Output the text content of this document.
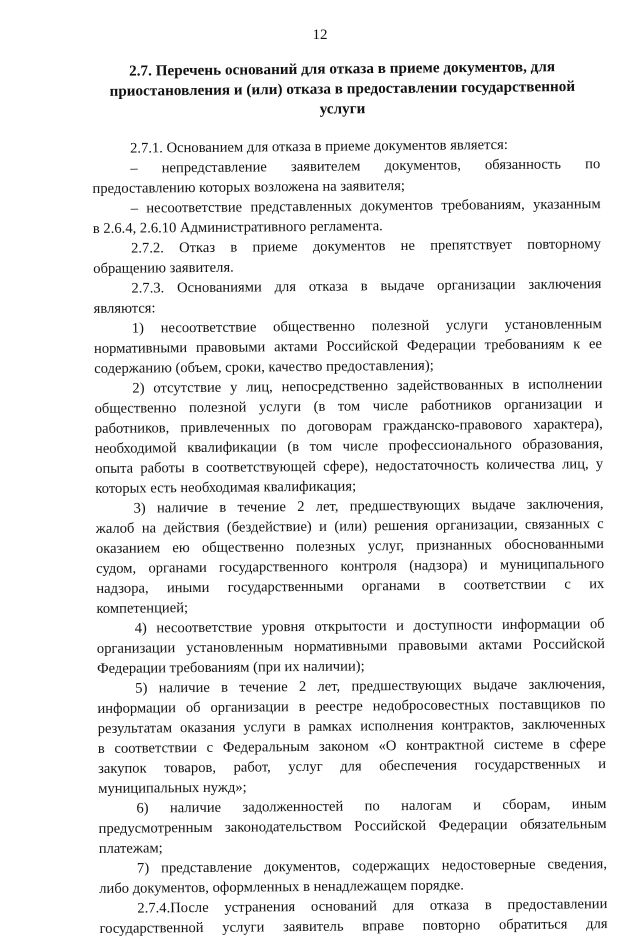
12
2.7. Перечень оснований для отказа в приеме документов, для
приостановления и (или) отказа в предоставлении государственной
услуги
2.7.1. Основанием для отказа в приеме документов является:
– непредставление заявителем документов, обязанность по
предоставлению которых возложена на заявителя;
– несоответствие представленных документов требованиям, указанным
в 2.6.4, 2.6.10 Административного регламента.
2.7.2. Отказ в приеме документов не препятствует повторному
обращению заявителя.
2.7.3. Основаниями для отказа в выдаче организации заключения
являются:
1) несоответствие общественно полезной услуги установленным
нормативными правовыми актами Российской Федерации требованиям к ее
содержанию (объем, сроки, качество предоставления);
2) отсутствие у лиц, непосредственно задействованных в исполнении
общественно полезной услуги (в том числе работников организации и
работников, привлеченных по договорам гражданско-правового характера),
необходимой квалификации (в том числе профессионального образования,
опыта работы в соответствующей сфере), недостаточность количества лиц, у
которых есть необходимая квалификация;
3) наличие в течение 2 лет, предшествующих выдаче заключения,
жалоб на действия (бездействие) и (или) решения организации, связанных с
оказанием ею общественно полезных услуг, признанных обоснованными
судом, органами государственного контроля (надзора) и муниципального
надзора, иными государственными органами в соответствии с их
компетенцией;
4) несоответствие уровня открытости и доступности информации об
организации установленным нормативными правовыми актами Российской
Федерации требованиям (при их наличии);
5) наличие в течение 2 лет, предшествующих выдаче заключения,
информации об организации в реестре недобросовестных поставщиков по
результатам оказания услуги в рамках исполнения контрактов, заключенных
в соответствии с Федеральным законом «О контрактной системе в сфере
закупок товаров, работ, услуг для обеспечения государственных и
муниципальных нужд»;
6) наличие задолженностей по налогам и сборам, иным
предусмотренным законодательством Российской Федерации обязательным
платежам;
7) представление документов, содержащих недостоверные сведения,
либо документов, оформленных в ненадлежащем порядке.
2.7.4.После устранения оснований для отказа в предоставлении
государственной услуги заявитель вправе повторно обратиться для
